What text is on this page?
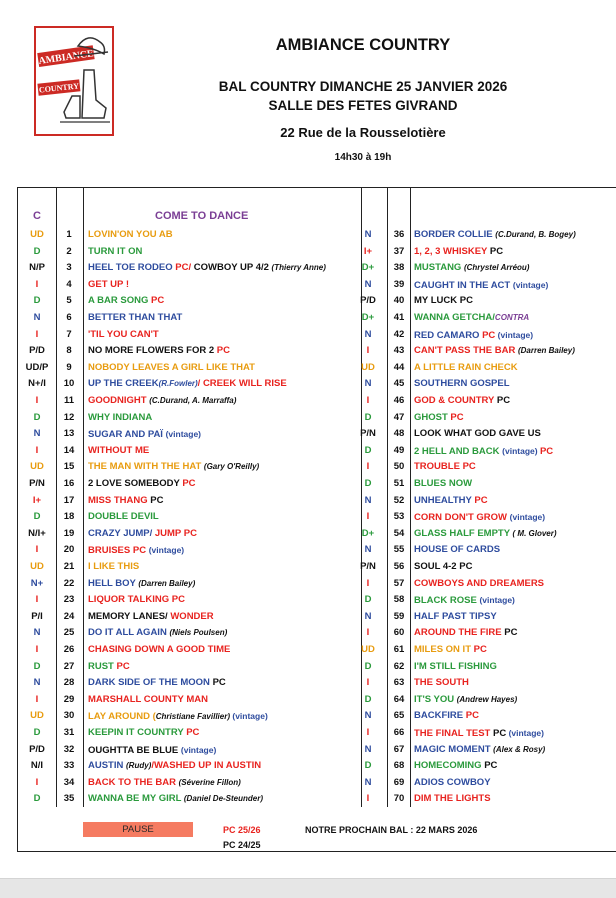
AMBIANCE
COUNTRY
AMBIANCE COUNTRY
BAL COUNTRY DIMANCHE 25 JANVIER 2026
SALLE DES FETES GIVRAND
22 Rue de la Rousselotière
14h30 à 19h
C	COME TO DANCE
UD	1	LOVIN'ON YOU AB
D	2	TURN IT ON
N/P	3	HEEL TOE RODEO PC/ COWBOY UP 4/2 (Thierry Anne)
I	4	GET UP !
D	5	A BAR SONG PC
N	6	BETTER THAN THAT
I	7	'TIL YOU CAN'T
P/D	8	NO MORE FLOWERS FOR 2 PC
UD/P	9	NOBODY LEAVES A GIRL LIKE THAT
N+/I	10	UP THE CREEK(R.Fowler)/ CREEK WILL RISE
I	11	GOODNIGHT (C.Durand, A. Marraffa)
D	12	WHY INDIANA
N	13	SUGAR AND PAÏ (vintage)
I	14	WITHOUT ME
UD	15	THE MAN WITH THE HAT (Gary O'Reilly)
P/N	16	2 LOVE SOMEBODY PC
I+	17	MISS THANG PC
D	18	DOUBLE DEVIL
N/I+	19	CRAZY JUMP/ JUMP PC
I	20	BRUISES PC (vintage)
UD	21	I LIKE THIS
N+	22	HELL BOY (Darren Bailey)
I	23	LIQUOR TALKING PC
P/I	24	MEMORY LANES/ WONDER
N	25	DO IT ALL AGAIN (Niels Poulsen)
I	26	CHASING DOWN A GOOD TIME
D	27	RUST PC
N	28	DARK SIDE OF THE MOON PC
I	29	MARSHALL COUNTY MAN
UD	30	LAY AROUND (Christiane Favillier) (vintage)
D	31	KEEPIN IT COUNTRY PC
P/D	32	OUGHTTA BE BLUE (vintage)
N/I	33	AUSTIN (Rudy)/WASHED UP IN AUSTIN
I	34	BACK TO THE BAR (Séverine Fillon)
D	35	WANNA BE MY GIRL (Daniel De-Steunder)
N	36	BORDER COLLIE (C.Durand, B. Bogey)
I+	37	1, 2, 3 WHISKEY PC
D+	38	MUSTANG (Chrystel Arréou)
N	39	CAUGHT IN THE ACT (vintage)
P/D	40	MY LUCK PC
D+	41	WANNA GETCHA/CONTRA
N	42	RED CAMARO PC (vintage)
I	43	CAN'T PASS THE BAR (Darren Bailey)
UD	44	A LITTLE RAIN CHECK
N	45	SOUTHERN GOSPEL
I	46	GOD & COUNTRY PC
D	47	GHOST PC
P/N	48	LOOK WHAT GOD GAVE US
D	49	2 HELL AND BACK (vintage) PC
I	50	TROUBLE PC
D	51	BLUES NOW
N	52	UNHEALTHY PC
I	53	CORN DON'T GROW (vintage)
D+	54	GLASS HALF EMPTY ( M. Glover)
N	55	HOUSE OF CARDS
P/N	56	SOUL 4-2 PC
I	57	COWBOYS AND DREAMERS
D	58	BLACK ROSE (vintage)
N	59	HALF PAST TIPSY
I	60	AROUND THE FIRE PC
UD	61	MILES ON IT PC
D	62	I'M STILL FISHING
I	63	THE SOUTH
D	64	IT'S YOU (Andrew Hayes)
N	65	BACKFIRE PC
I	66	THE FINAL TEST PC (vintage)
N	67	MAGIC MOMENT (Alex & Rosy)
D	68	HOMECOMING PC
N	69	ADIOS COWBOY
I	70	DIM THE LIGHTS
PAUSE	PC 25/26
PC 24/25
NOTRE PROCHAIN BAL : 22 MARS 2026
